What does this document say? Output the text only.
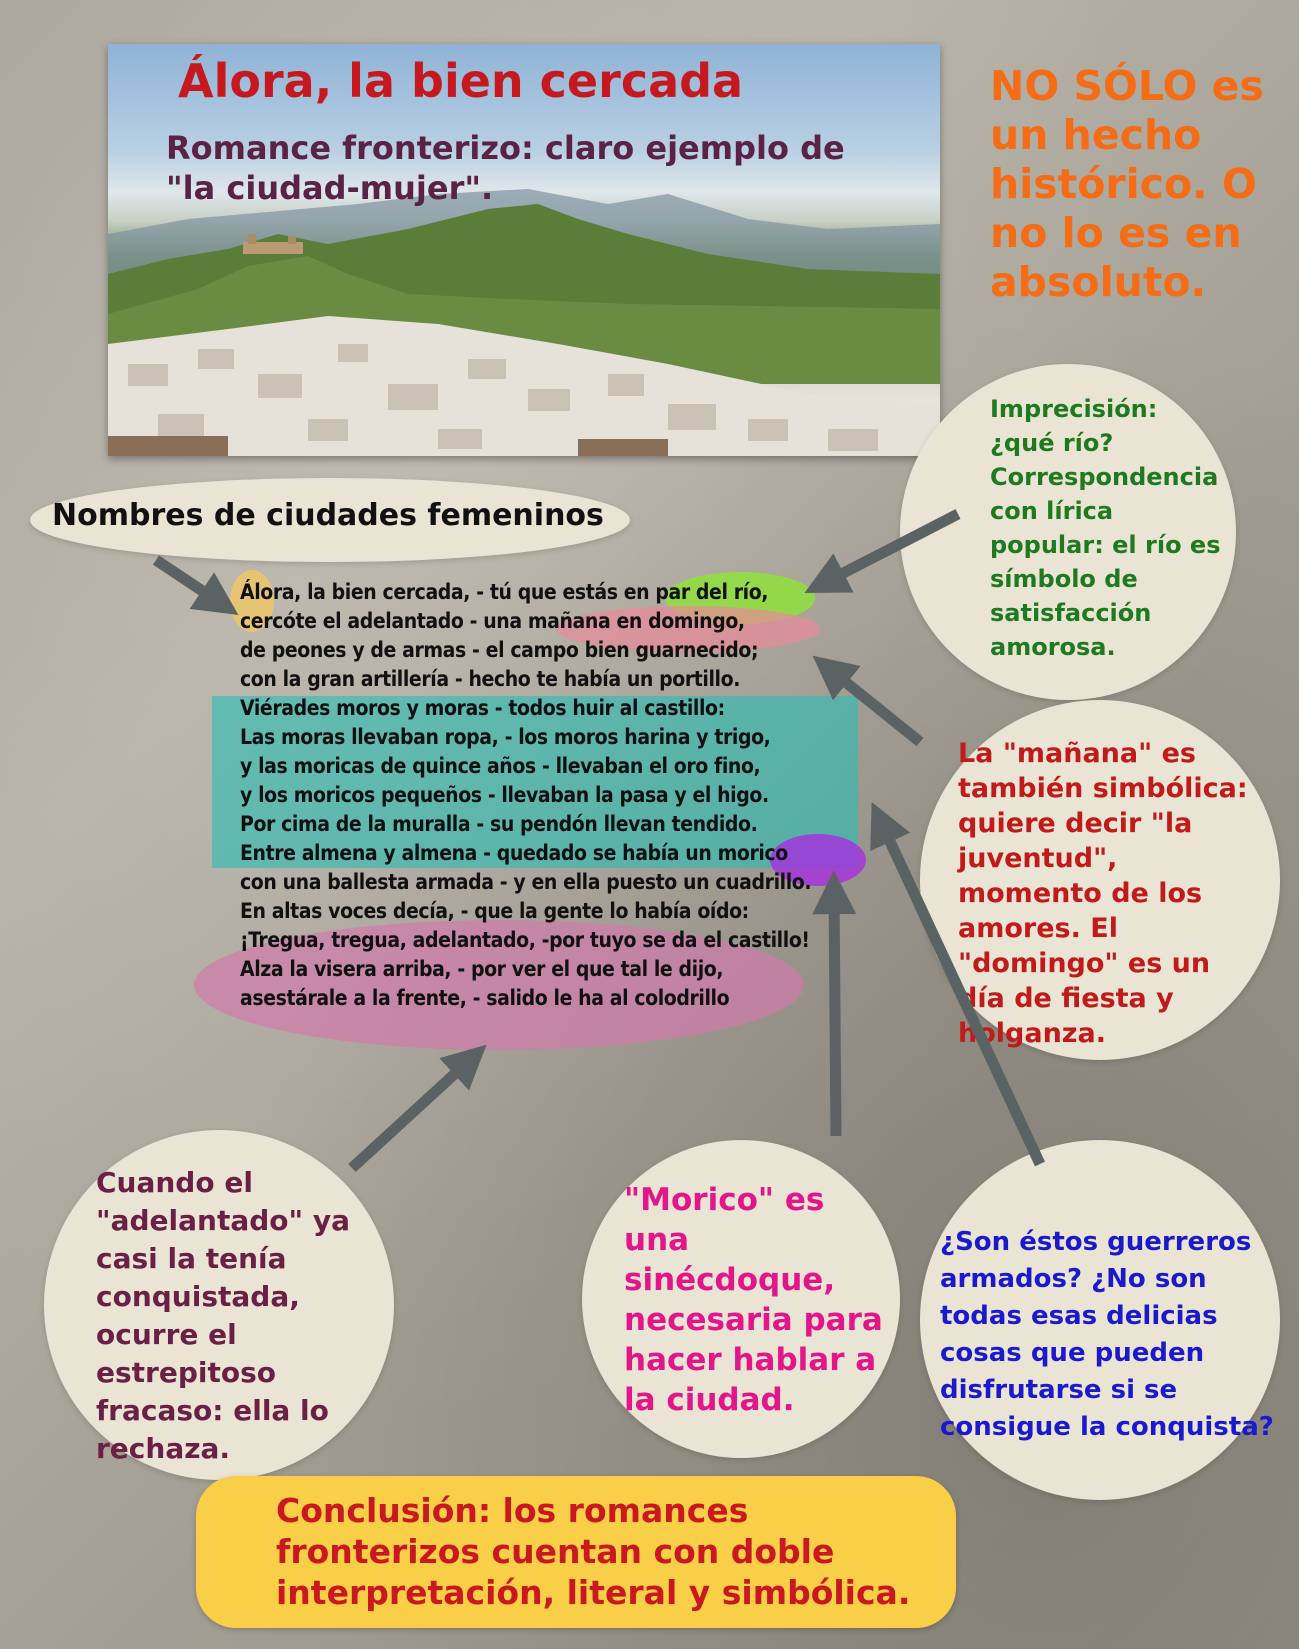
Álora, la bien cercada

Romance fronterizo: claro ejemplo de "la ciudad-mujer".

NO SÓLO es un hecho histórico. O no lo es en absoluto.

Nombres de ciudades femeninos

Imprecisión: ¿qué río? Correspondencia con lírica popular: el río es símbolo de satisfacción amorosa.

La "mañana" es también simbólica: quiere decir "la juventud", momento de los amores. El "domingo" es un día de fiesta y holganza.

Cuando el "adelantado" ya casi la tenía conquistada, ocurre el estrepitoso fracaso: ella lo rechaza.

"Morico" es una sinécdoque, necesaria para hacer hablar a la ciudad.

¿Son éstos guerreros armados? ¿No son todas esas delicias cosas que pueden disfrutarse si se consigue la conquista?

Álora, la bien cercada, - tú que estás en par del río,
cercóte el adelantado - una mañana en domingo,
de peones y de armas - el campo bien guarnecido;
con la gran artillería - hecho te había un portillo.
Viérades moros y moras - todos huir al castillo:
Las moras llevaban ropa, - los moros harina y trigo,
y las moricas de quince años - llevaban el oro fino,
y los moricos pequeños - llevaban la pasa y el higo.
Por cima de la muralla - su pendón llevan tendido.
Entre almena y almena - quedado se había un morico
con una ballesta armada - y en ella puesto un cuadrillo.
En altas voces decía, - que la gente lo había oído:
¡Tregua, tregua, adelantado, -por tuyo se da el castillo!
Alza la visera arriba, - por ver el que tal le dijo,
asestárale a la frente, - salido le ha al colodrillo

Conclusión: los romances fronterizos cuentan con doble interpretación, literal y simbólica.
